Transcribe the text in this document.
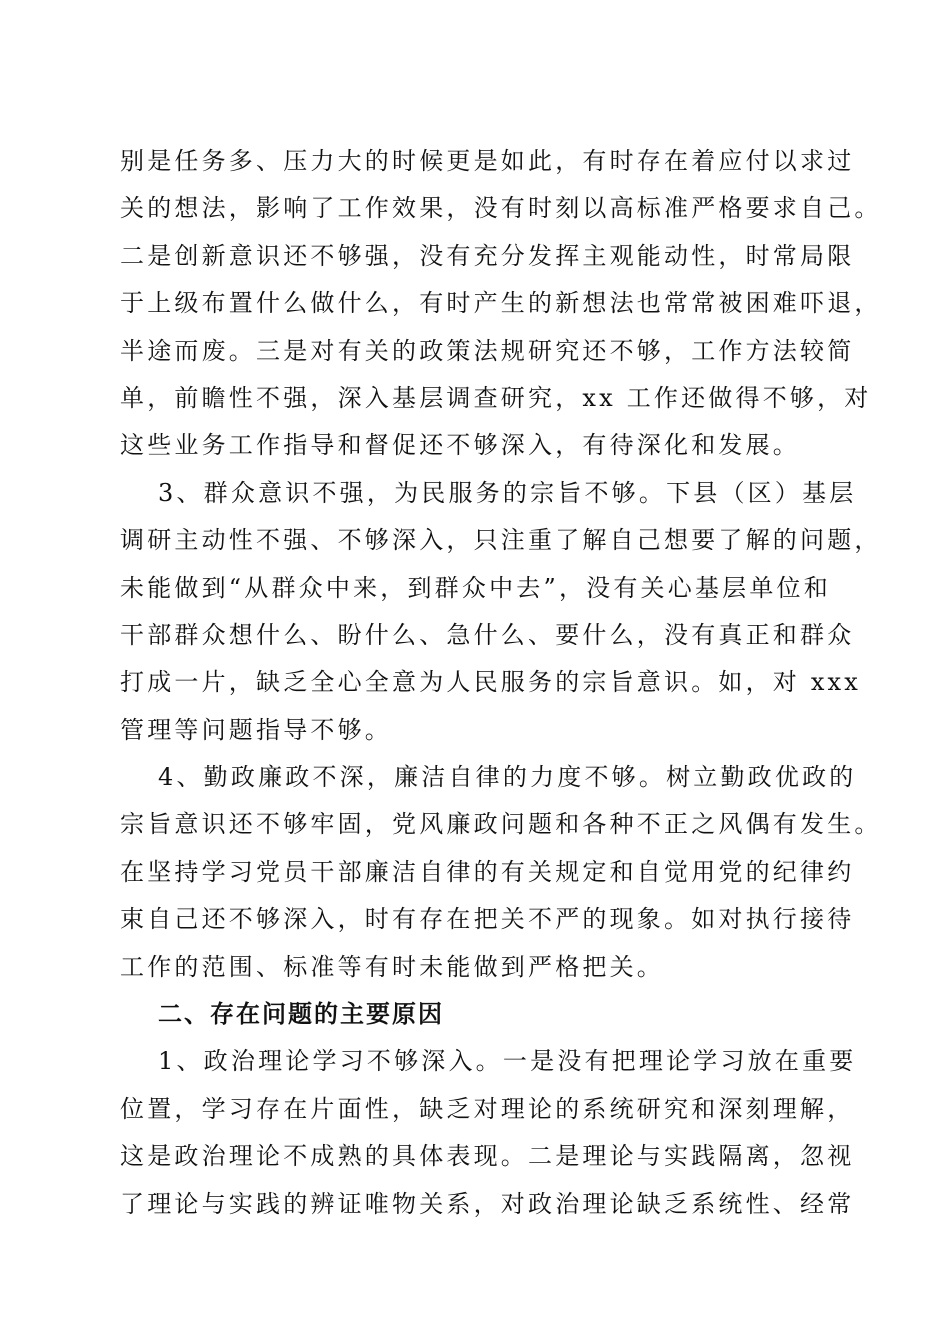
别是任务多、压力大的时候更是如此，有时存在着应付以求过
关的想法，影响了工作效果，没有时刻以高标准严格要求自己。
二是创新意识还不够强，没有充分发挥主观能动性，时常局限
于上级布置什么做什么，有时产生的新想法也常常被困难吓退，
半途而废。三是对有关的政策法规研究还不够，工作方法较简
单，前瞻性不强，深入基层调查研究，xx 工作还做得不够，对
这些业务工作指导和督促还不够深入，有待深化和发展。
3、群众意识不强，为民服务的宗旨不够。下县（区）基层
调研主动性不强、不够深入，只注重了解自己想要了解的问题，
未能做到“从群众中来，到群众中去”，没有关心基层单位和
干部群众想什么、盼什么、急什么、要什么，没有真正和群众
打成一片，缺乏全心全意为人民服务的宗旨意识。如，对 xxx
管理等问题指导不够。
4、勤政廉政不深，廉洁自律的力度不够。树立勤政优政的
宗旨意识还不够牢固，党风廉政问题和各种不正之风偶有发生。
在坚持学习党员干部廉洁自律的有关规定和自觉用党的纪律约
束自己还不够深入，时有存在把关不严的现象。如对执行接待
工作的范围、标准等有时未能做到严格把关。
二、存在问题的主要原因
1、政治理论学习不够深入。一是没有把理论学习放在重要
位置，学习存在片面性，缺乏对理论的系统研究和深刻理解，
这是政治理论不成熟的具体表现。二是理论与实践隔离，忽视
了理论与实践的辨证唯物关系，对政治理论缺乏系统性、经常
